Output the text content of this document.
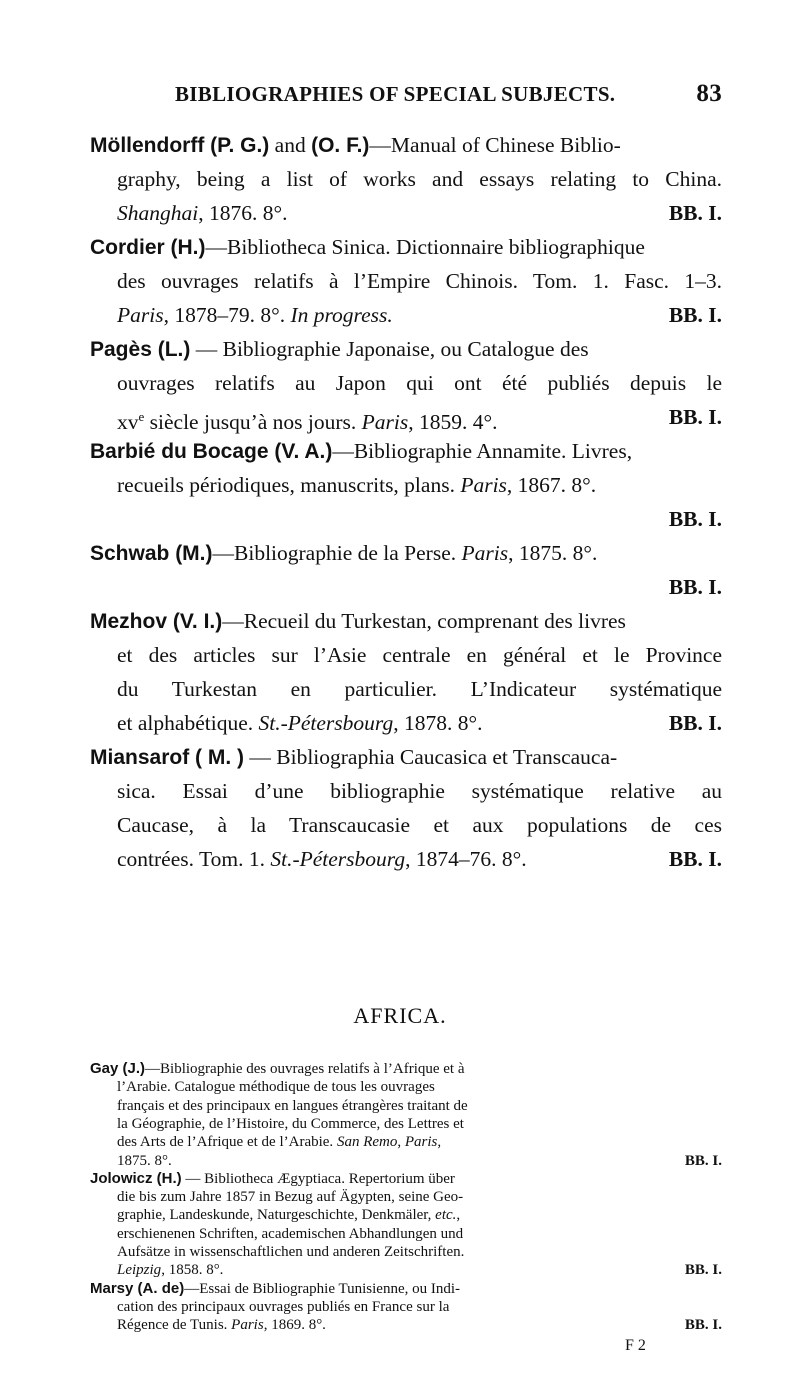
BIBLIOGRAPHIES OF SPECIAL SUBJECTS.	83
Möllendorff (P. G.) and (O. F.)—Manual of Chinese Biblio-
graphy, being a list of works and essays relating to China.
Shanghai, 1876. 8°.	BB. I.
Cordier (H.)—Bibliotheca Sinica. Dictionnaire bibliographique
des ouvrages relatifs à l’Empire Chinois. Tom. 1. Fasc. 1–3.
Paris, 1878–79. 8°. In progress.	BB. I.
Pagès (L.) — Bibliographie Japonaise, ou Catalogue des
ouvrages relatifs au Japon qui ont été publiés depuis le
$xv^e$ siècle jusqu’à nos jours. Paris, 1859. 4°.	BB. I.
Barbié du Bocage (V. A.)—Bibliographie Annamite. Livres,
recueils périodiques, manuscrits, plans. Paris, 1867. 8°.
BB. I.
Schwab (M.)—Bibliographie de la Perse. Paris, 1875. 8°.
BB. I.
Mezhov (V. I.)—Recueil du Turkestan, comprenant des livres
et des articles sur l’Asie centrale en général et le Province
du Turkestan en particulier. L’Indicateur systématique
et alphabétique. St.-Pétersbourg, 1878. 8°.	BB. I.
Miansarof ( M. ) — Bibliographia Caucasica et Transcauca-
sica. Essai d’une bibliographie systématique relative au
Caucase, à la Transcaucasie et aux populations de ces
contrées. Tom. 1. St.-Pétersbourg, 1874–76. 8°.	BB. I.
AFRICA.
Gay (J.)—Bibliographie des ouvrages relatifs à l’Afrique et à
l’Arabie. Catalogue méthodique de tous les ouvrages
français et des principaux en langues étrangères traitant de
la Géographie, de l’Histoire, du Commerce, des Lettres et
des Arts de l’Afrique et de l’Arabie. San Remo, Paris,
1875. 8°.	BB. I.
Jolowicz (H.) — Bibliotheca Ægyptiaca. Repertorium über
die bis zum Jahre 1857 in Bezug auf Ägypten, seine Geo-
graphie, Landeskunde, Naturgeschichte, Denkmäler, etc.,
erschienenen Schriften, academischen Abhandlungen und
Aufsätze in wissenschaftlichen und anderen Zeitschriften.
Leipzig, 1858. 8°.	BB. I.
Marsy (A. de)—Essai de Bibliographie Tunisienne, ou Indi-
cation des principaux ouvrages publiés en France sur la
Régence de Tunis. Paris, 1869. 8°.	BB. I.
F 2
